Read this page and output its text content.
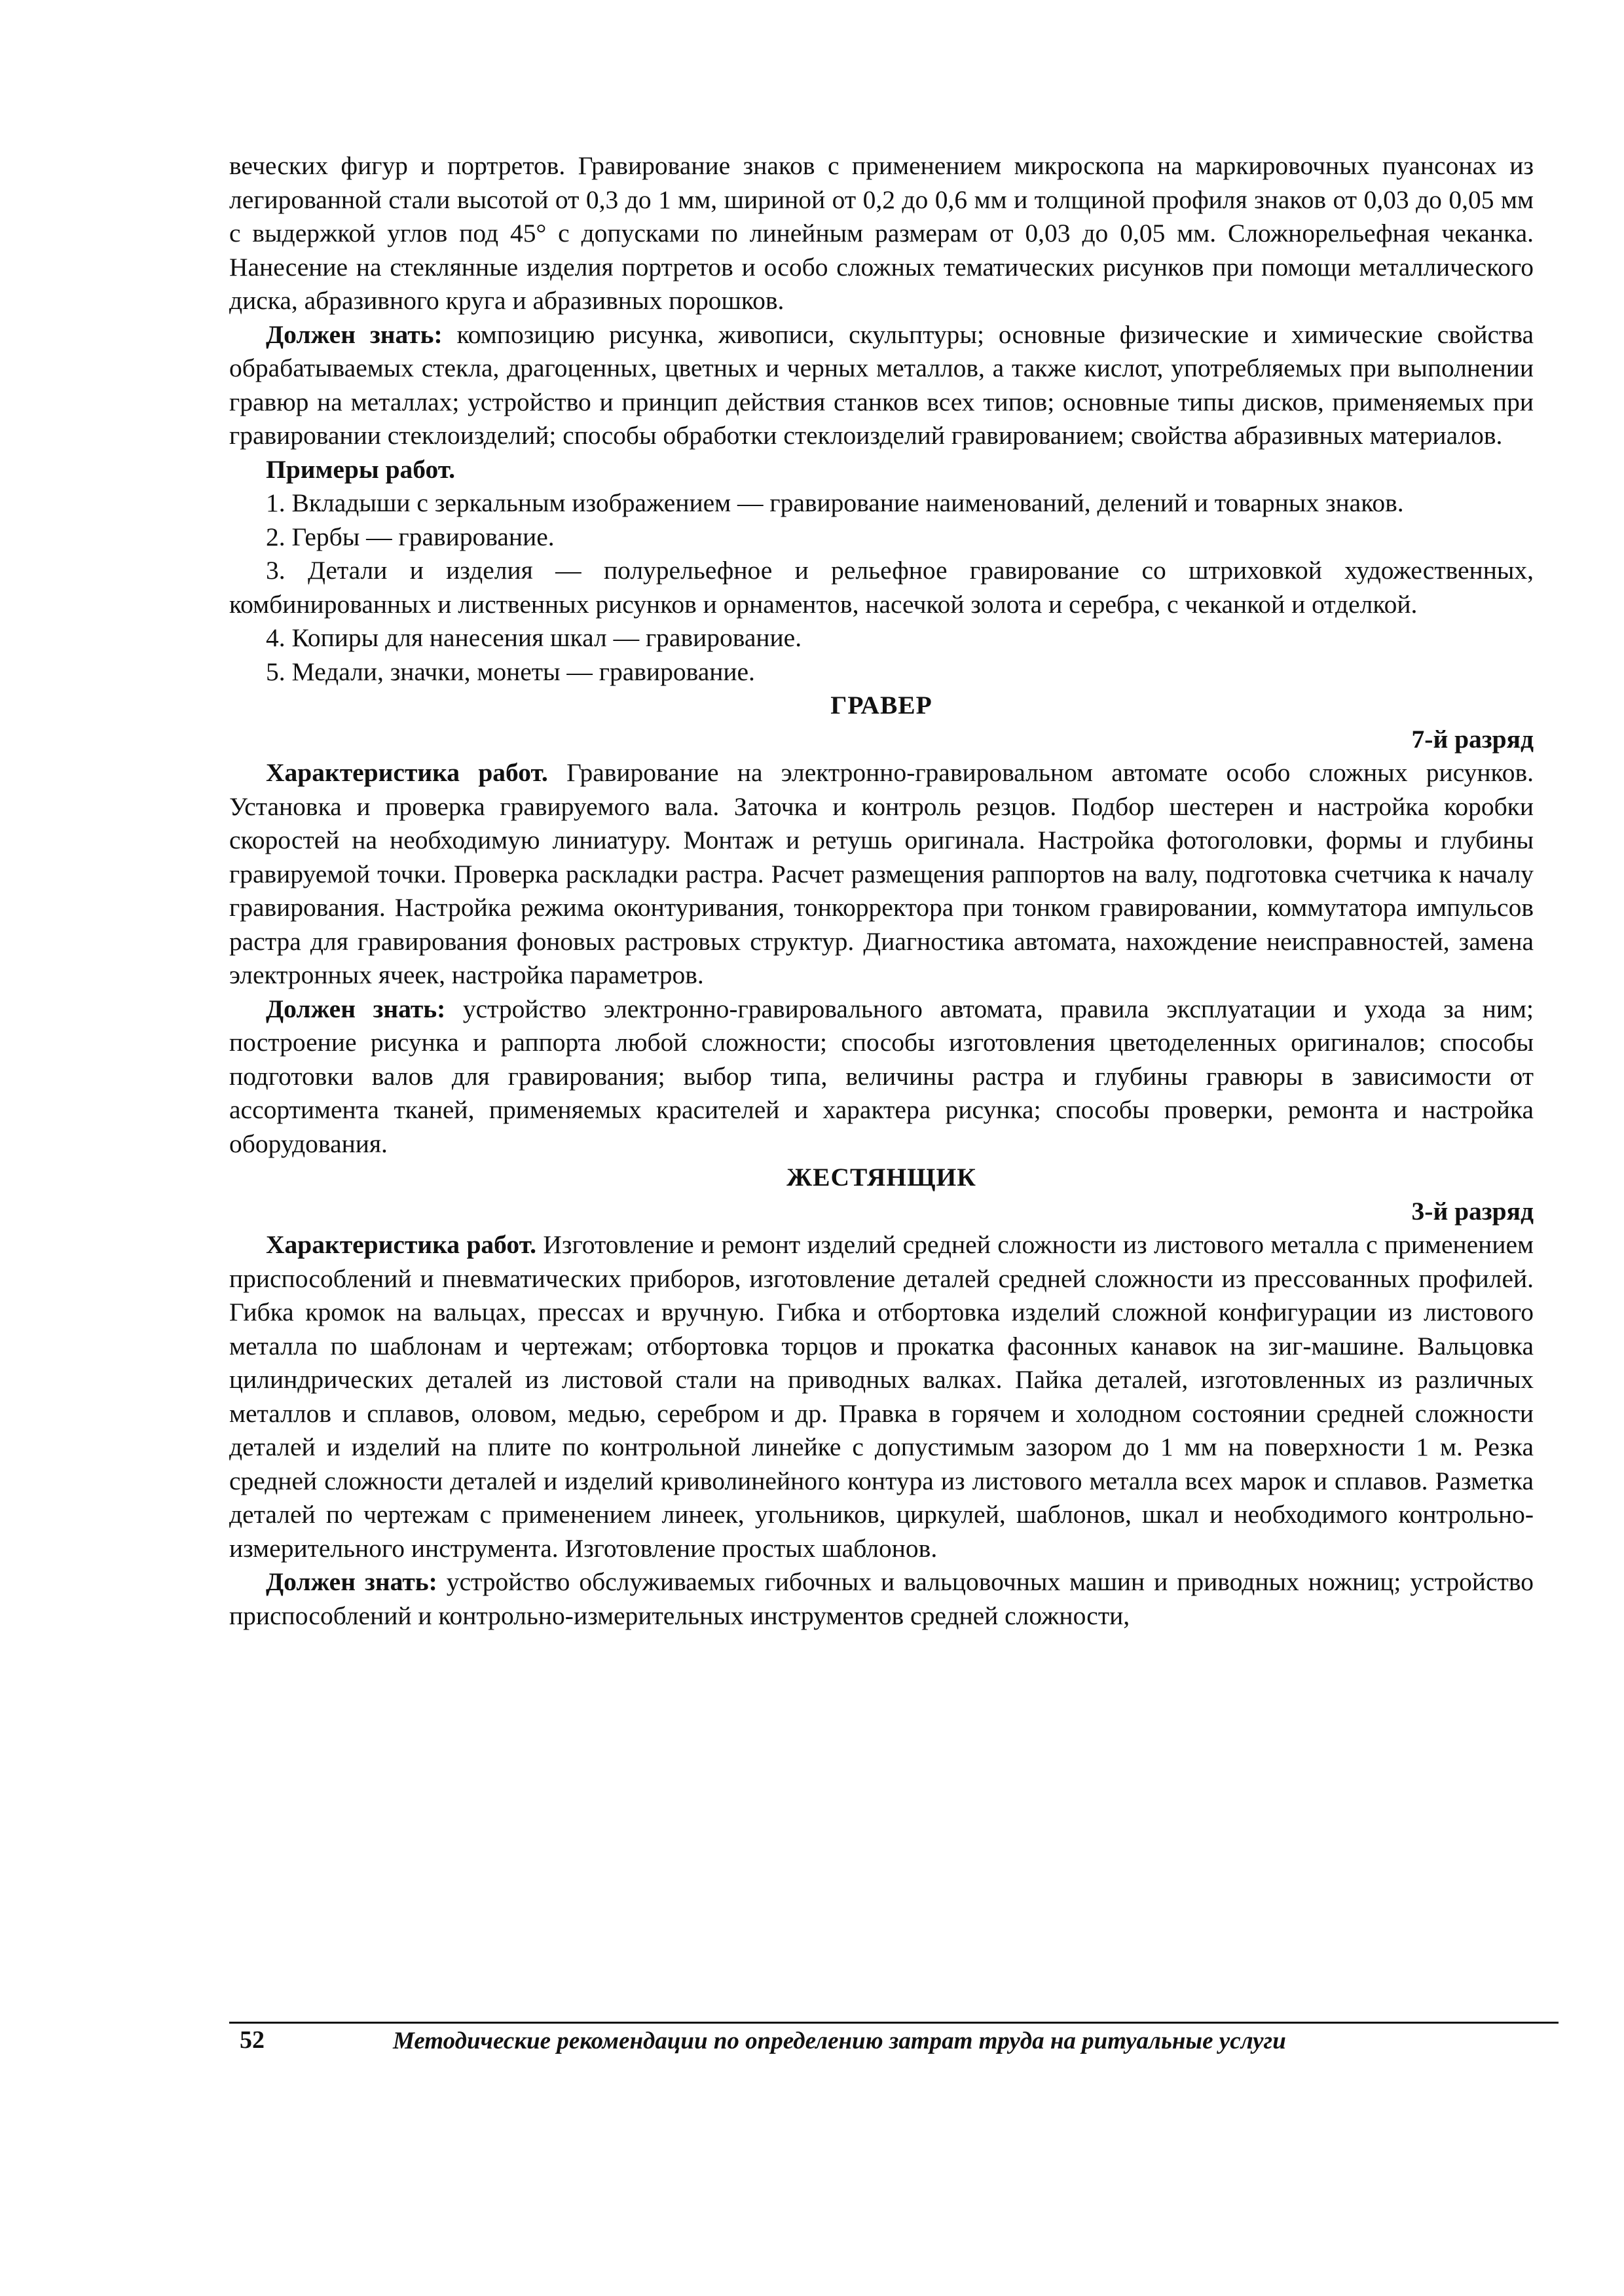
веческих фигур и портретов. Гравирование знаков с применением микроскопа на маркировочных пуансонах из легированной стали высотой от 0,3 до 1 мм, шириной от 0,2 до 0,6 мм и толщиной профиля знаков от 0,03 до 0,05 мм с выдержкой углов под 45° с допусками по линейным размерам от 0,03 до 0,05 мм. Сложнорельефная чеканка. Нанесение на стеклянные изделия портретов и особо сложных тематических рисунков при помощи металлического диска, абразивного круга и абразивных порошков.

Должен знать: композицию рисунка, живописи, скульптуры; основные физические и химические свойства обрабатываемых стекла, драгоценных, цветных и черных металлов, а также кислот, употребляемых при выполнении гравюр на металлах; устройство и принцип действия станков всех типов; основные типы дисков, применяемых при гравировании стеклоизделий; способы обработки стеклоизделий гравированием; свойства абразивных материалов.

Примеры работ.

1. Вкладыши с зеркальным изображением — гравирование наименований, делений и товарных знаков.

2. Гербы — гравирование.

3. Детали и изделия — полурельефное и рельефное гравирование со штриховкой художественных, комбинированных и лиственных рисунков и орнаментов, насечкой золота и серебра, с чеканкой и отделкой.

4. Копиры для нанесения шкал — гравирование.

5. Медали, значки, монеты — гравирование.

ГРАВЕР

7-й разряд

Характеристика работ. Гравирование на электронно-гравировальном автомате особо сложных рисунков. Установка и проверка гравируемого вала. Заточка и контроль резцов. Подбор шестерен и настройка коробки скоростей на необходимую линиатуру. Монтаж и ретушь оригинала. Настройка фотоголовки, формы и глубины гравируемой точки. Проверка раскладки растра. Расчет размещения раппортов на валу, подготовка счетчика к началу гравирования. Настройка режима оконтуривания, тонкорректора при тонком гравировании, коммутатора импульсов растра для гравирования фоновых растровых структур. Диагностика автомата, нахождение неисправностей, замена электронных ячеек, настройка параметров.

Должен знать: устройство электронно-гравировального автомата, правила эксплуатации и ухода за ним; построение рисунка и раппорта любой сложности; способы изготовления цветоделенных оригиналов; способы подготовки валов для гравирования; выбор типа, величины растра и глубины гравюры в зависимости от ассортимента тканей, применяемых красителей и характера рисунка; способы проверки, ремонта и настройка оборудования.

ЖЕСТЯНЩИК

3-й разряд

Характеристика работ. Изготовление и ремонт изделий средней сложности из листового металла с применением приспособлений и пневматических приборов, изготовление деталей средней сложности из прессованных профилей. Гибка кромок на вальцах, прессах и вручную. Гибка и отбортовка изделий сложной конфигурации из листового металла по шаблонам и чертежам; отбортовка торцов и прокатка фасонных канавок на зиг-машине. Вальцовка цилиндрических деталей из листовой стали на приводных валках. Пайка деталей, изготовленных из различных металлов и сплавов, оловом, медью, серебром и др. Правка в горячем и холодном состоянии средней сложности деталей и изделий на плите по контрольной линейке с допустимым зазором до 1 мм на поверхности 1 м. Резка средней сложности деталей и изделий криволинейного контура из листового металла всех марок и сплавов. Разметка деталей по чертежам с применением линеек, угольников, циркулей, шаблонов, шкал и необходимого контрольно-измерительного инструмента. Изготовление простых шаблонов.

Должен знать: устройство обслуживаемых гибочных и вальцовочных машин и приводных ножниц; устройство приспособлений и контрольно-измерительных инструментов средней сложности,

52	Методические рекомендации по определению затрат труда на ритуальные услуги
